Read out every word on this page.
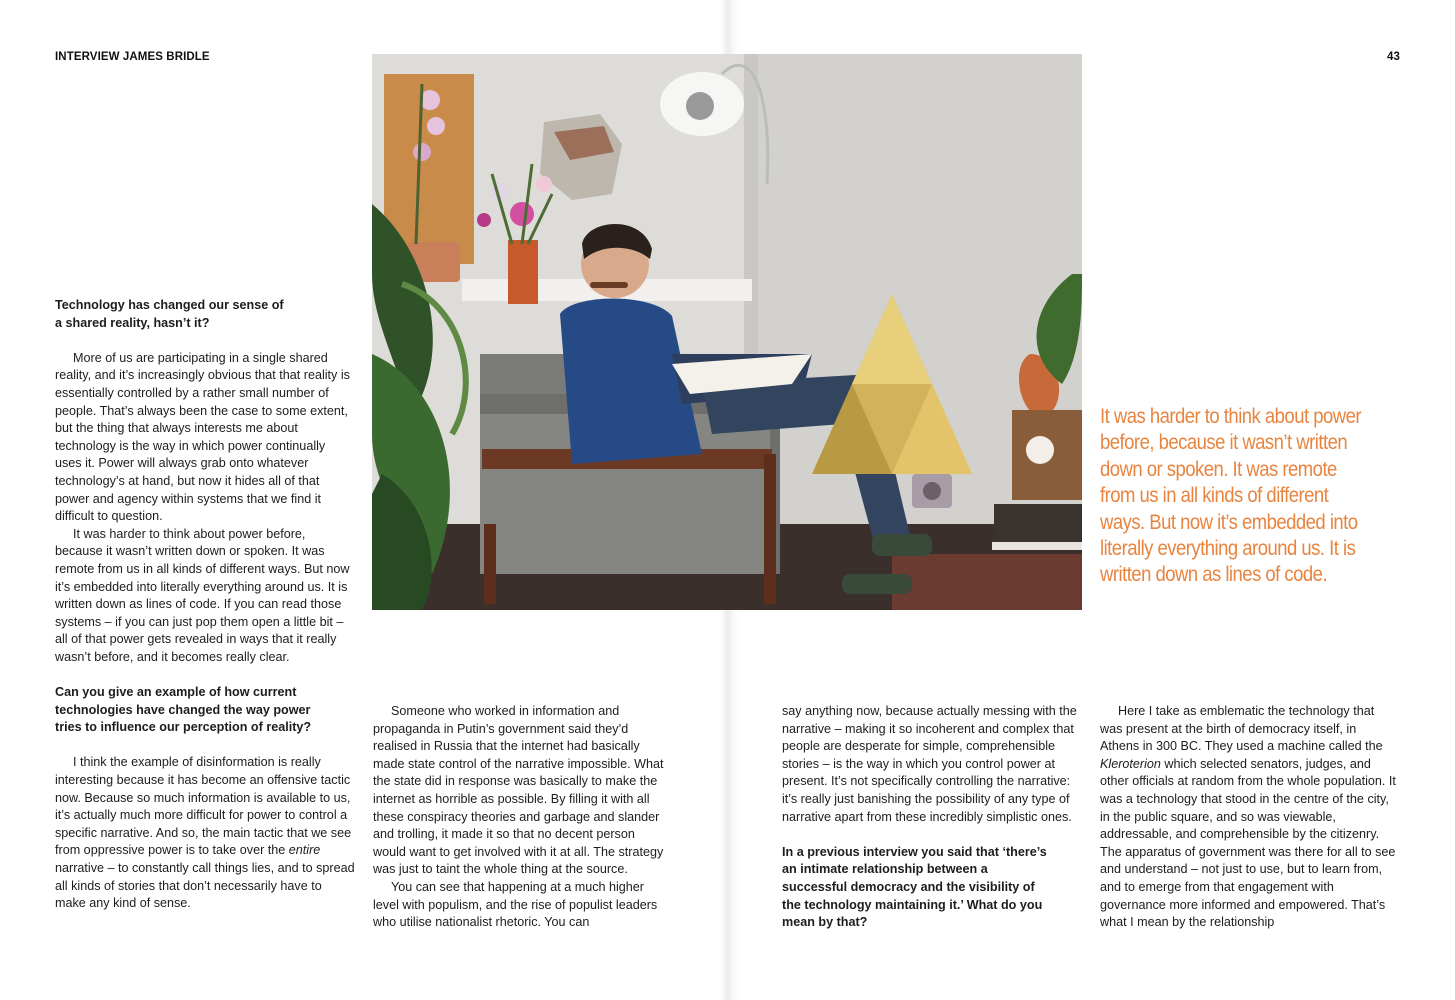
INTERVIEW JAMES BRIDLE	43
It was harder to think about power before, because it wasn’t written down or spoken. It was remote from us in all kinds of different ways. But now it’s embedded into literally everything around us. It is written down as lines of code.
Technology has changed our sense of a shared reality, hasn’t it?

More of us are participating in a single shared reality, and it’s increasingly obvious that that reality is essentially controlled by a rather small number of people. That’s always been the case to some extent, but the thing that always interests me about technology is the way in which power continually uses it. Power will always grab onto whatever technology’s at hand, but now it hides all of that power and agency within systems that we find it difficult to question.

It was harder to think about power before, because it wasn’t written down or spoken. It was remote from us in all kinds of different ways. But now it’s embedded into literally everything around us. It is written down as lines of code. If you can read those systems – if you can just pop them open a little bit – all of that power gets revealed in ways that it really wasn’t before, and it becomes really clear.

Can you give an example of how current technologies have changed the way power tries to influence our perception of reality?

I think the example of disinformation is really interesting because it has become an offensive tactic now. Because so much information is available to us, it’s actually much more difficult for power to control a specific narrative. And so, the main tactic that we see from oppressive power is to take over the entire narrative – to constantly call things lies, and to spread all kinds of stories that don’t necessarily have to make any kind of sense.

Someone who worked in information and propaganda in Putin’s government said they’d realised in Russia that the internet had basically made state control of the narrative impossible. What the state did in response was basically to make the internet as horrible as possible. By filling it with all these conspiracy theories and garbage and slander and trolling, it made it so that no decent person would want to get involved with it at all. The strategy was just to taint the whole thing at the source.

You can see that happening at a much higher level with populism, and the rise of populist leaders who utilise nationalist rhetoric. You can

say anything now, because actually messing with the narrative – making it so incoherent and complex that people are desperate for simple, comprehensible stories – is the way in which you control power at present. It’s not specifically controlling the narrative: it’s really just banishing the possibility of any type of narrative apart from these incredibly simplistic ones.

In a previous interview you said that ‘there’s an intimate relationship between a successful democracy and the visibility of the technology maintaining it.’ What do you mean by that?

Here I take as emblematic the technology that was present at the birth of democracy itself, in Athens in 300 BC. They used a machine called the Kleroterion which selected senators, judges, and other officials at random from the whole population. It was a technology that stood in the centre of the city, in the public square, and so was viewable, addressable, and comprehensible by the citizenry. The apparatus of government was there for all to see and understand – not just to use, but to learn from, and to emerge from that engagement with governance more informed and empowered. That’s what I mean by the relationship
